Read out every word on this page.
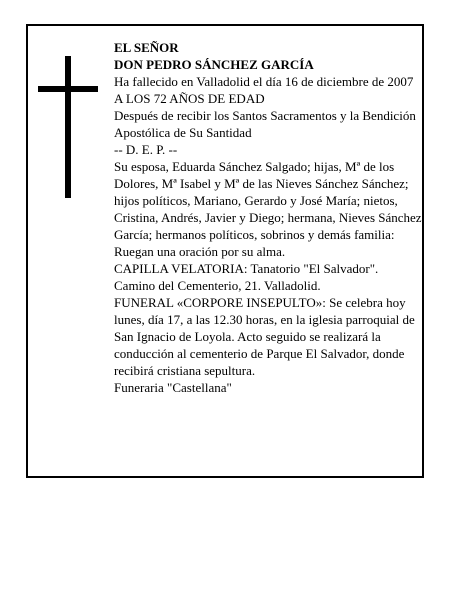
EL SEÑOR

DON PEDRO SÁNCHEZ GARCÍA

Ha fallecido en Valladolid el día 16 de diciembre de 2007

A LOS 72 AÑOS DE EDAD

Después de recibir los Santos Sacramentos y la Bendición Apostólica de Su Santidad

-- D. E. P. --

Su esposa, Eduarda Sánchez Salgado; hijas, Mª de los Dolores, Mª Isabel y Mª de las Nieves Sánchez Sánchez; hijos políticos, Mariano, Gerardo y José María; nietos, Cristina, Andrés, Javier y Diego; hermana, Nieves Sánchez García; hermanos políticos, sobrinos y demás familia:

Ruegan una oración por su alma.

CAPILLA VELATORIA: Tanatorio "El Salvador". Camino del Cementerio, 21. Valladolid.

FUNERAL «CORPORE INSEPULTO»: Se celebra hoy lunes, día 17, a las 12.30 horas, en la iglesia parroquial de San Ignacio de Loyola. Acto seguido se realizará la conducción al cementerio de Parque El Salvador, donde recibirá cristiana sepultura.

Funeraria "Castellana"
